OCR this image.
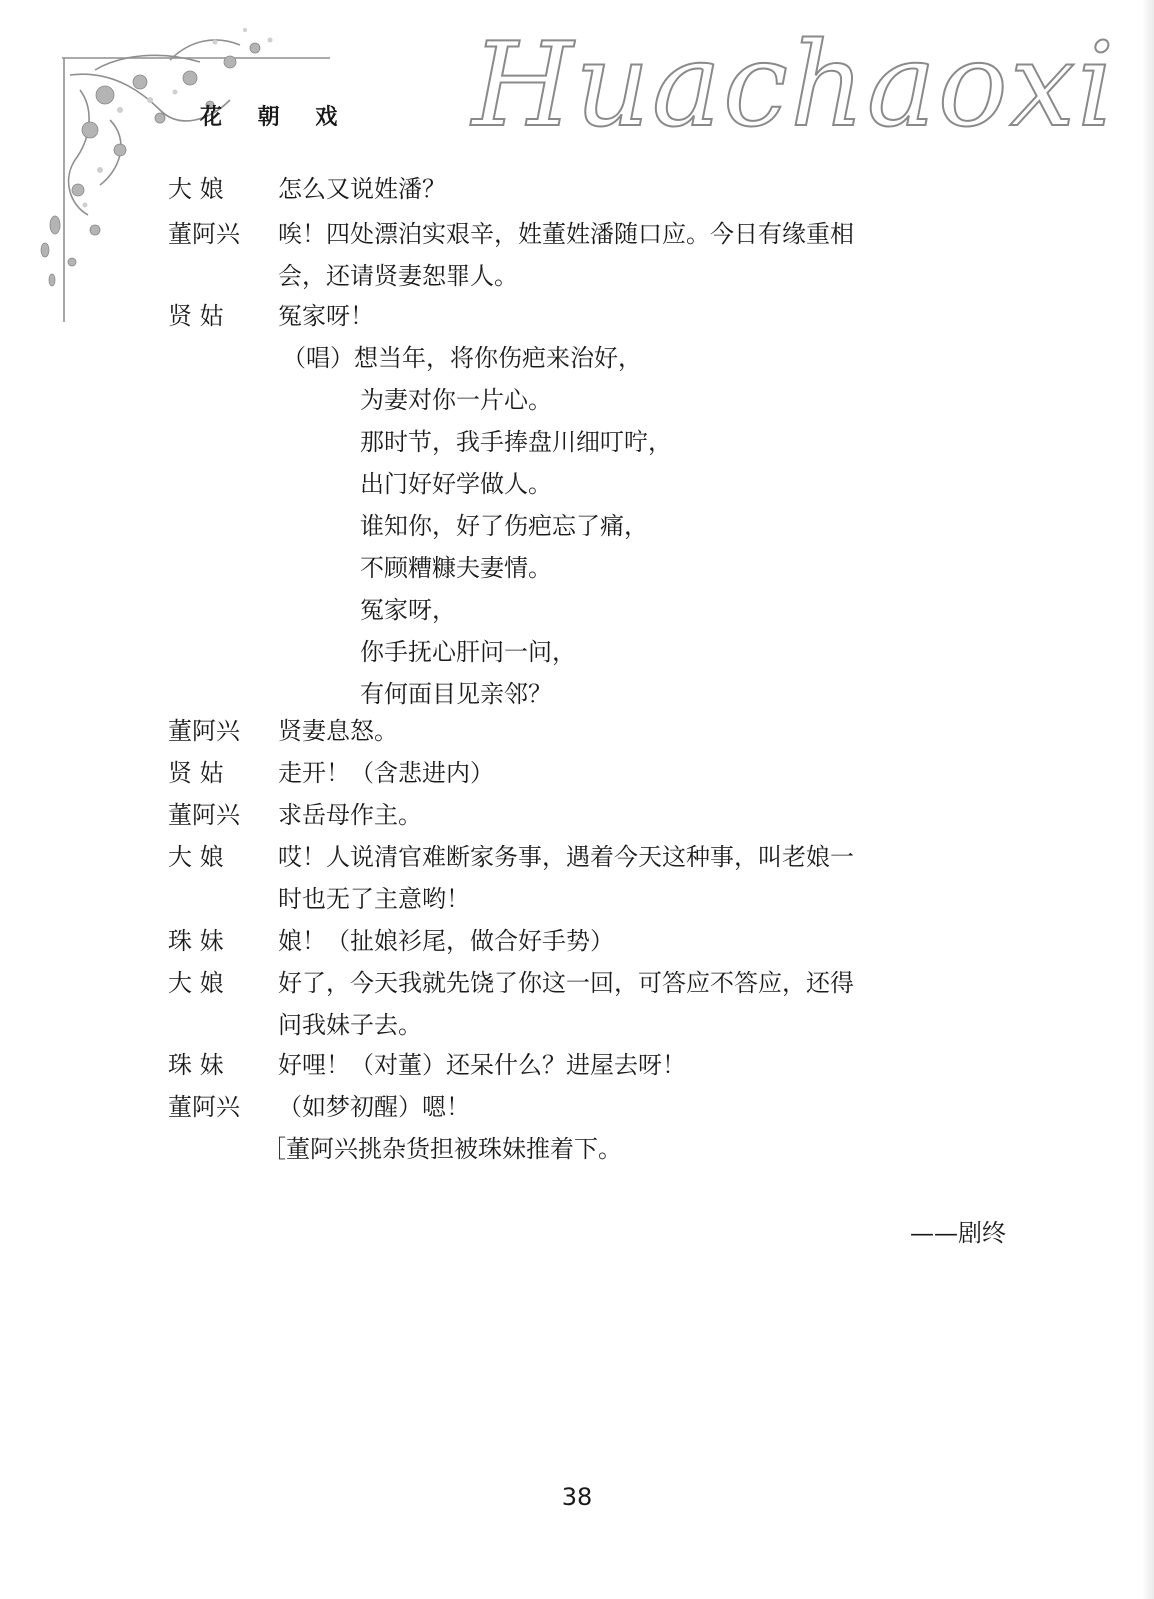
花 朝 戏 Huachaoxi
大 娘	怎么又说姓潘？
董阿兴	唉！四处漂泊实艰辛，姓董姓潘随口应。今日有缘重相
会，还请贤妻恕罪人。
贤 姑	冤家呀！
（唱）想当年，将你伤疤来治好，
为妻对你一片心。
那时节，我手捧盘川细叮咛，
出门好好学做人。
谁知你，好了伤疤忘了痛，
不顾糟糠夫妻情。
冤家呀，
你手抚心肝问一问，
有何面目见亲邻？
董阿兴	贤妻息怒。
贤 姑	走开！（含悲进内）
董阿兴	求岳母作主。
大 娘	哎！人说清官难断家务事，遇着今天这种事，叫老娘一
时也无了主意哟！
珠 妹	娘！（扯娘衫尾，做合好手势）
大 娘	好了，今天我就先饶了你这一回，可答应不答应，还得
问我妹子去。
珠 妹	好哩！（对董）还呆什么？进屋去呀！
董阿兴	（如梦初醒）嗯！
［董阿兴挑杂货担被珠妹推着下。
——剧终
38
